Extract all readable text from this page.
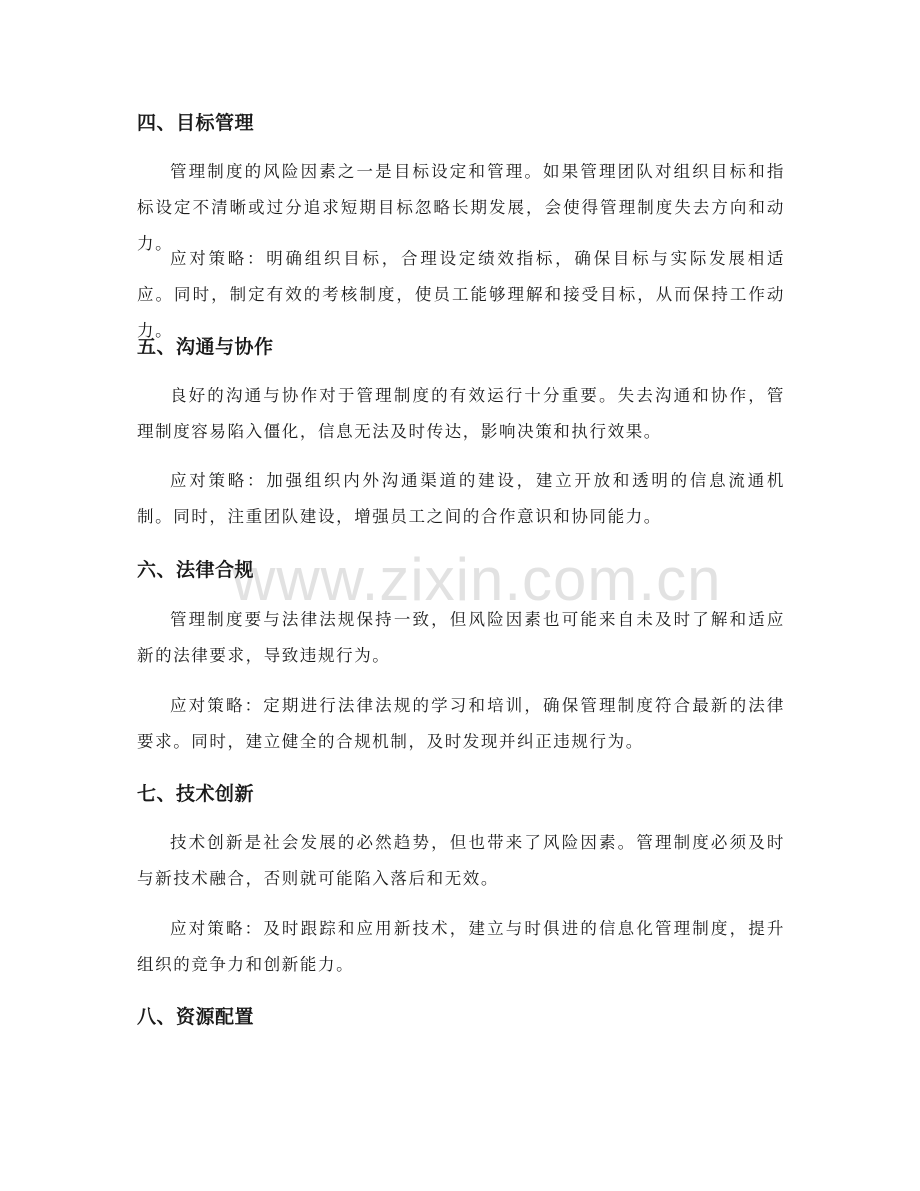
www.zixin.com.cn
四、目标管理

管理制度的风险因素之一是目标设定和管理。如果管理团队对组织目标和指标设定不清晰或过分追求短期目标忽略长期发展，会使得管理制度失去方向和动力。

应对策略：明确组织目标，合理设定绩效指标，确保目标与实际发展相适应。同时，制定有效的考核制度，使员工能够理解和接受目标，从而保持工作动力。

五、沟通与协作

良好的沟通与协作对于管理制度的有效运行十分重要。失去沟通和协作，管理制度容易陷入僵化，信息无法及时传达，影响决策和执行效果。

应对策略：加强组织内外沟通渠道的建设，建立开放和透明的信息流通机制。同时，注重团队建设，增强员工之间的合作意识和协同能力。

六、法律合规

管理制度要与法律法规保持一致，但风险因素也可能来自未及时了解和适应新的法律要求，导致违规行为。

应对策略：定期进行法律法规的学习和培训，确保管理制度符合最新的法律要求。同时，建立健全的合规机制，及时发现并纠正违规行为。

七、技术创新

技术创新是社会发展的必然趋势，但也带来了风险因素。管理制度必须及时与新技术融合，否则就可能陷入落后和无效。

应对策略：及时跟踪和应用新技术，建立与时俱进的信息化管理制度，提升组织的竞争力和创新能力。

八、资源配置
